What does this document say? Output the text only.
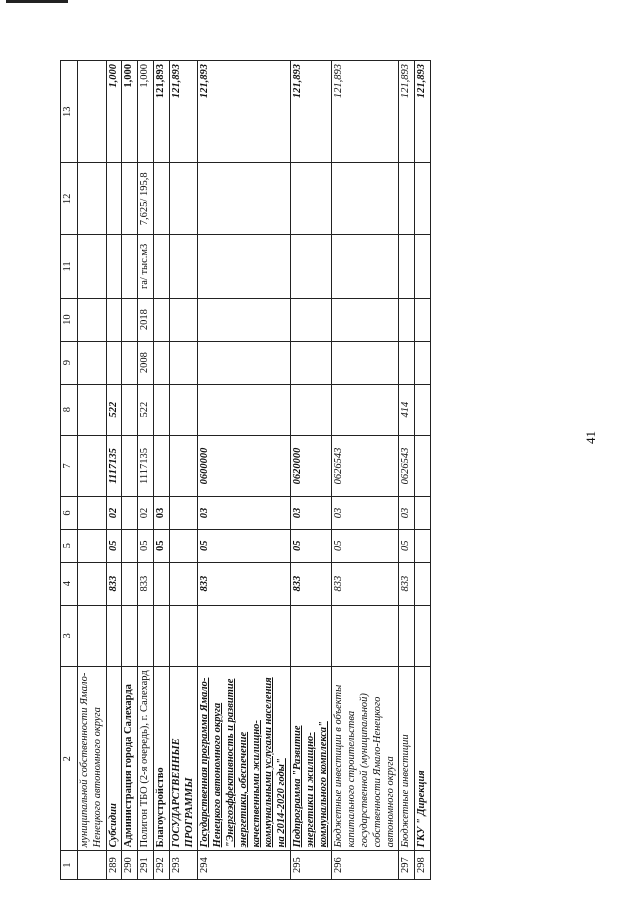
41
1	2	3	4	5	6	7	8	9	10	11	12	13
	муниципальной собственности Ямало-Ненецкого автономного округа											
289	Субсидии		833	05	02	1117135	522					1,000
290	Администрация города Салехарда											1,000
291	Полигон ТБО (2-я очередь), г. Салехард		833	05	02	1117135	522	2008	2018	га/ тыс.м3	7,625/ 195,8	1,000
292	Благоустройство			05	03							121,893
293	ГОСУДАРСТВЕННЫЕ ПРОГРАММЫ											121,893
294	Государственная программа Ямало-Ненецкого автономного округа "Энергоэффективность и развитие энергетики, обеспечение качественными жилищно-коммунальными услугами населения на 2014-2020 годы"		833	05	03	0600000						121,893
295	Подпрограмма "Развитие энергетики и жилищно-коммунального комплекса"		833	05	03	0620000						121,893
296	Бюджетные инвестиции в объекты капитального строительства государственной (муниципальной) собственности Ямало-Ненецкого автономного округа		833	05	03	0626543						121,893
297	Бюджетные инвестиции		833	05	03	0626543	414					121,893
298	ГКУ " Дирекция											121,893
